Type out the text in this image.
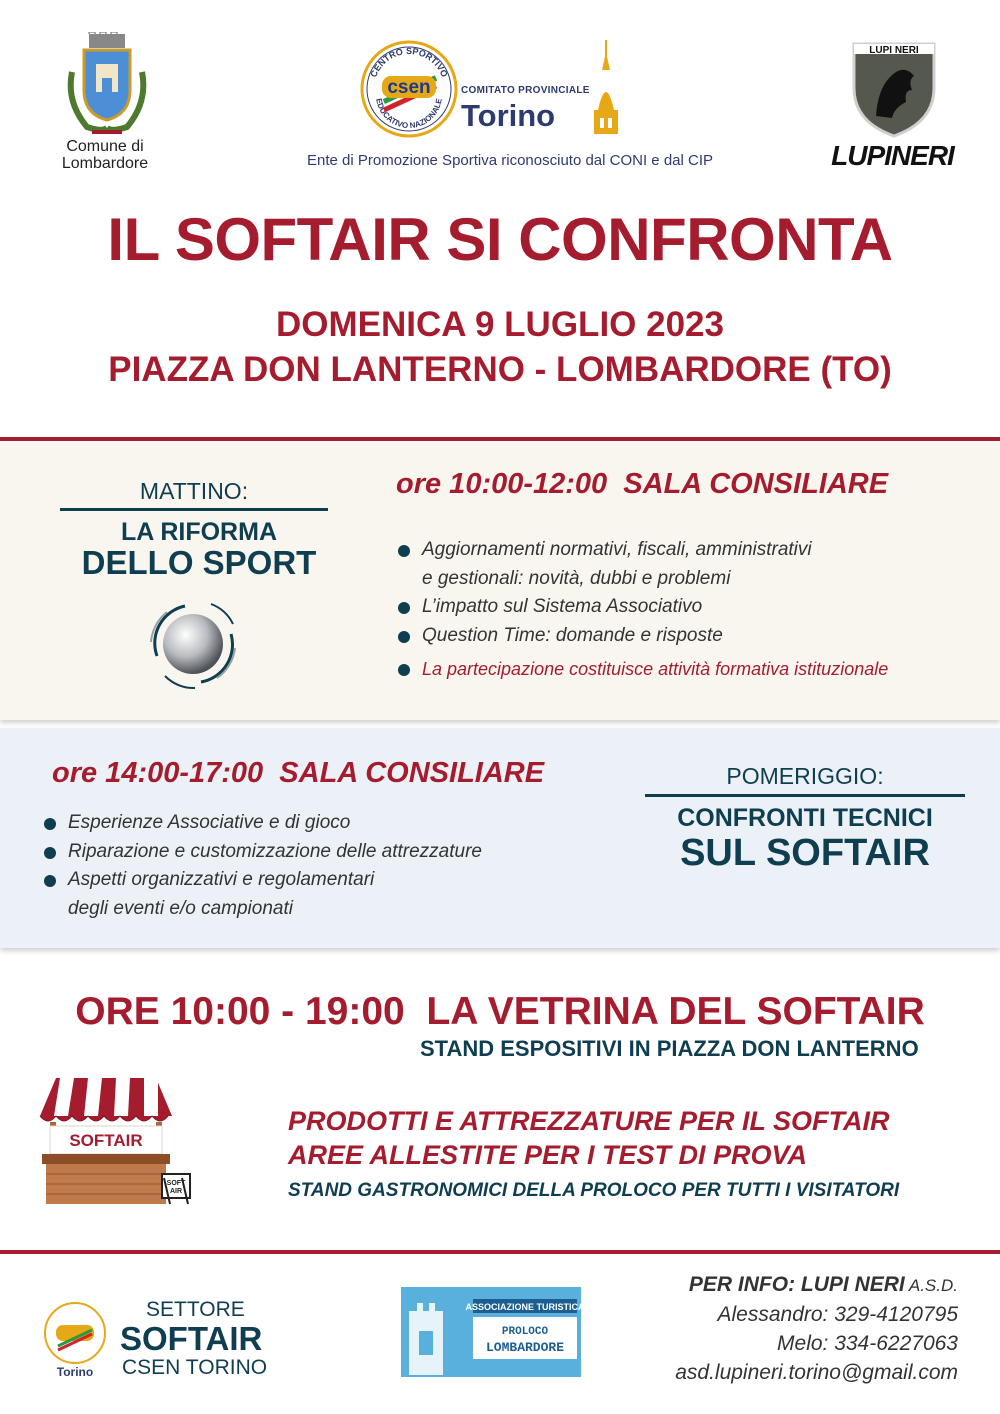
Comune di
Lombardore
CENTRO SPORTIVO
EDUCATIVO NAZIONALE
csen	COMITATO PROVINCIALE
Torino
Ente di Promozione Sportiva riconosciuto dal CONI e dal CIP
LUPI NERI
LUPINERI
IL SOFTAIR SI CONFRONTA
DOMENICA 9 LUGLIO 2023
PIAZZA DON LANTERNO - LOMBARDORE (TO)
MATTINO:
LA RIFORMA
DELLO SPORT
ore 10:00-12:00  SALA CONSILIARE
Aggiornamenti normativi, fiscali, amministrativi
e gestionali: novità, dubbi e problemi
L’impatto sul Sistema Associativo
Question Time: domande e risposte
La partecipazione costituisce attività formativa istituzionale
ore 14:00-17:00  SALA CONSILIARE
Esperienze Associative e di gioco
Riparazione e customizzazione delle attrezzature
Aspetti organizzativi e regolamentari
degli eventi e/o campionati
POMERIGGIO:
CONFRONTI TECNICI
SUL SOFTAIR
ORE 10:00 - 19:00  LA VETRINA DEL SOFTAIR
STAND ESPOSITIVI IN PIAZZA DON LANTERNO
SOFTAIR
SOFT
AIR
PRODOTTI E ATTREZZATURE PER IL SOFTAIR
AREE ALLESTITE PER I TEST DI PROVA
STAND GASTRONOMICI DELLA PROLOCO PER TUTTI I VISITATORI
Torino
SETTORE
SOFTAIR
CSEN TORINO
ASSOCIAZIONE TURISTICA
PROLOCO
LOMBARDORE
PER INFO: LUPI NERI A.S.D.
Alessandro: 329-4120795
Melo: 334-6227063
asd.lupineri.torino@gmail.com
